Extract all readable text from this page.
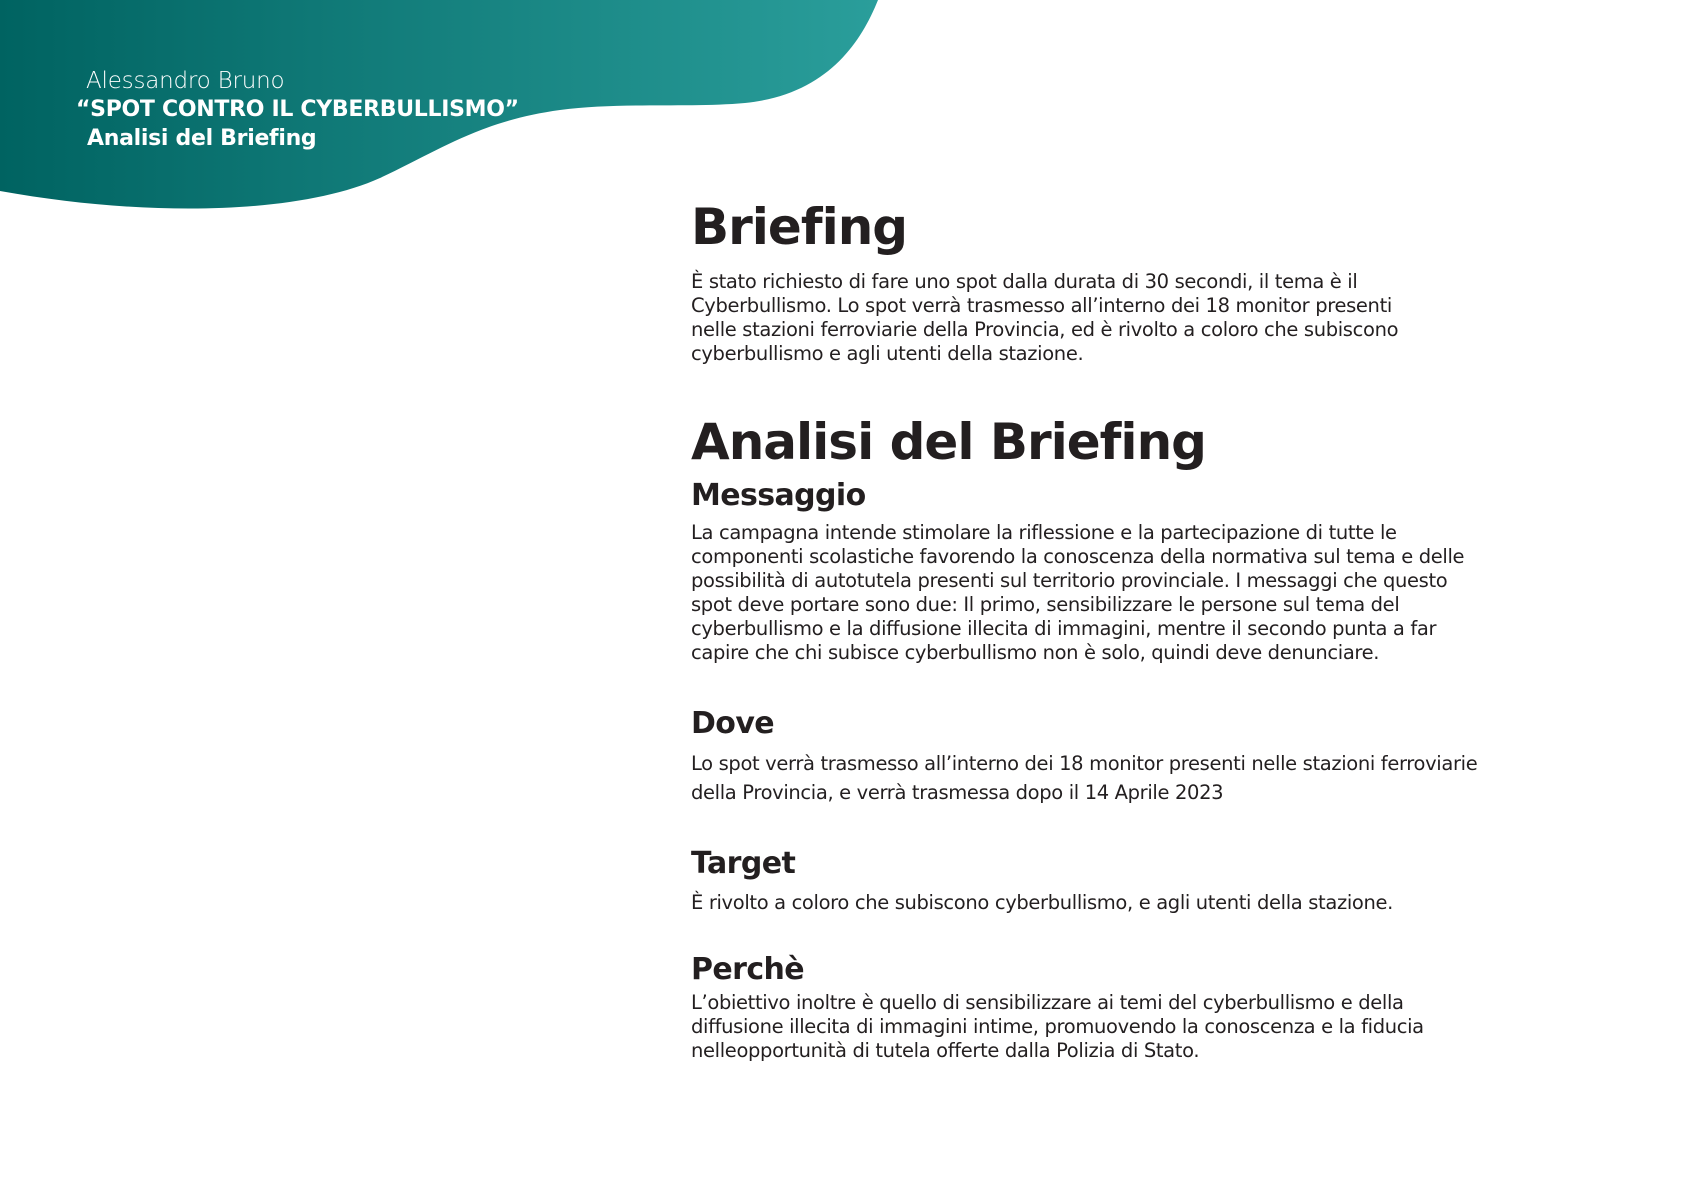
Alessandro Bruno
“SPOT CONTRO IL CYBERBULLISMO”
Analisi del Briefing
Briefing

È stato richiesto di fare uno spot dalla durata di 30 secondi, il tema è il Cyberbullismo. Lo spot verrà trasmesso all’interno dei 18 monitor presenti nelle stazioni ferroviarie della Provincia, ed è rivolto a coloro che subiscono cyberbullismo e agli utenti della stazione.

Analisi del Briefing
Messaggio

La campagna intende stimolare la riflessione e la partecipazione di tutte le componenti scolastiche favorendo la conoscenza della normativa sul tema e delle possibilità di autotutela presenti sul territorio provinciale. I messaggi che questo spot deve portare sono due: Il primo, sensibilizzare le persone sul tema del cyberbullismo e la diffusione illecita di immagini, mentre il secondo punta a far capire che chi subisce cyberbullismo non è solo, quindi deve denunciare.

Dove

Lo spot verrà trasmesso all’interno dei 18 monitor presenti nelle stazioni ferroviarie della Provincia, e verrà trasmessa dopo il 14 Aprile 2023

Target

È rivolto a coloro che subiscono cyberbullismo, e agli utenti della stazione.

Perchè

L’obiettivo inoltre è quello di sensibilizzare ai temi del cyberbullismo e della diffusione illecita di immagini intime, promuovendo la conoscenza e la fiducia nelleopportunità di tutela offerte dalla Polizia di Stato.
